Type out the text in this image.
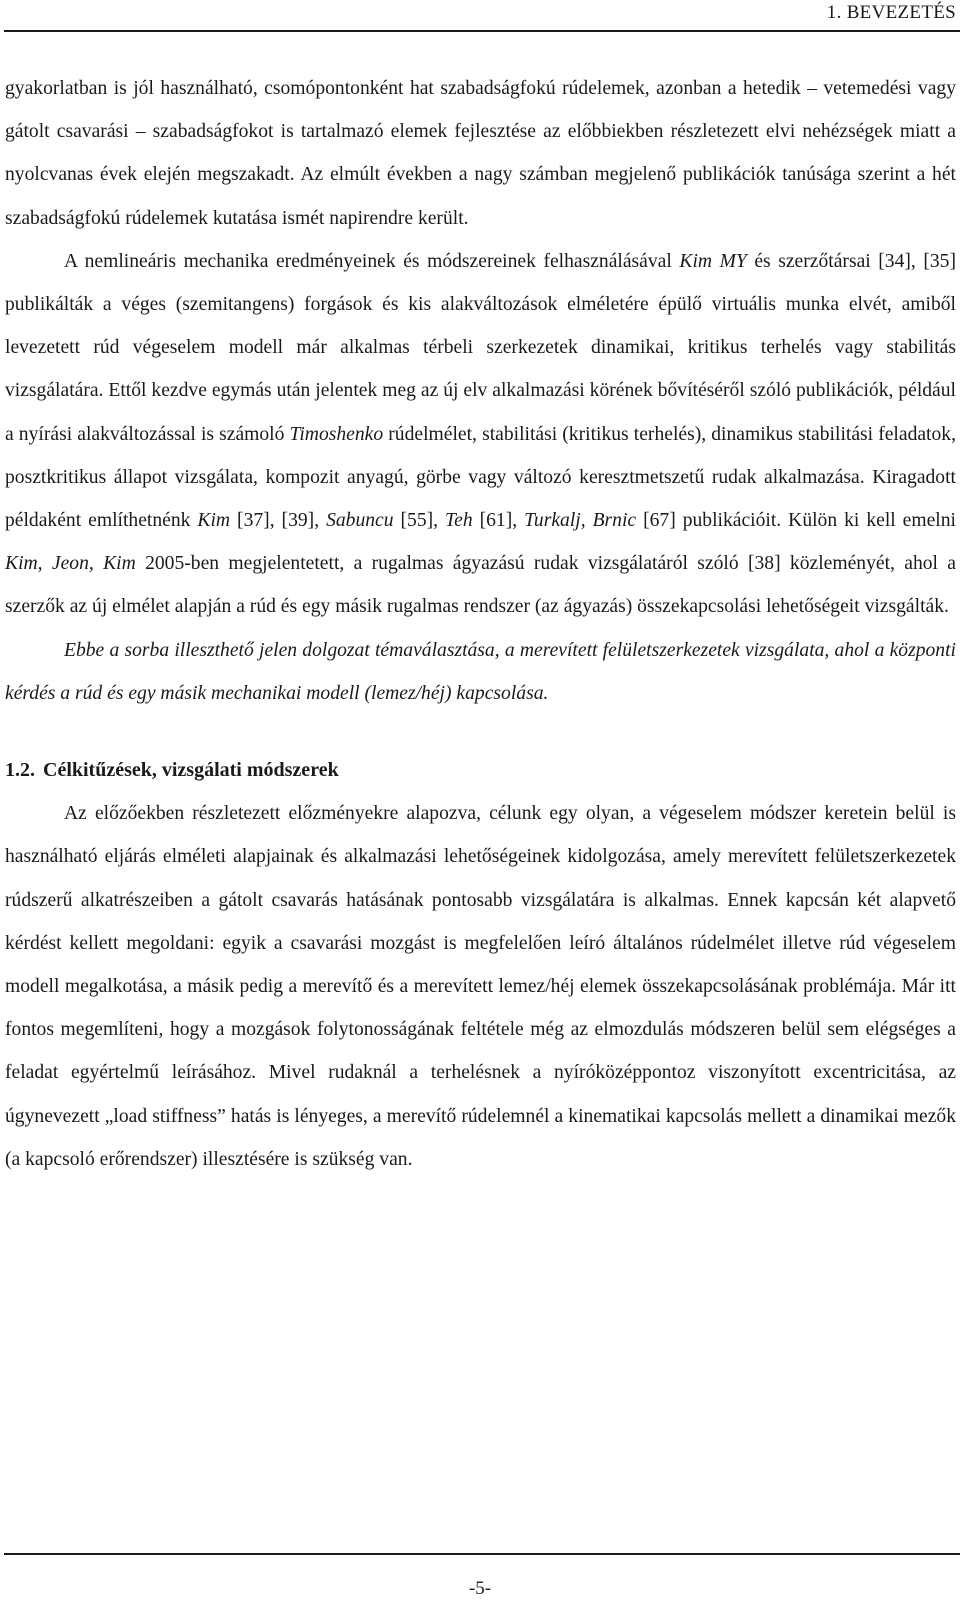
1. BEVEZETÉS

gyakorlatban is jól használható, csomópontonként hat szabadságfokú rúdelemek, azonban a hetedik – vetemedési vagy gátolt csavarási – szabadságfokot is tartalmazó elemek fejlesztése az előbbiekben részletezett elvi nehézségek miatt a nyolcvanas évek elején megszakadt. Az elmúlt években a nagy számban megjelenő publikációk tanúsága szerint a hét szabadságfokú rúdelemek kutatása ismét napirendre került.

A nemlineáris mechanika eredményeinek és módszereinek felhasználásával Kim MY és szerzőtársai [34], [35] publikálták a véges (szemitangens) forgások és kis alakváltozások elméletére épülő virtuális munka elvét, amiből levezetett rúd végeselem modell már alkalmas térbeli szerkezetek dinamikai, kritikus terhelés vagy stabilitás vizsgálatára. Ettől kezdve egymás után jelentek meg az új elv alkalmazási körének bővítéséről szóló publikációk, például a nyírási alakváltozással is számoló Timoshenko rúdelmélet, stabilitási (kritikus terhelés), dinamikus stabilitási feladatok, posztkritikus állapot vizsgálata, kompozit anyagú, görbe vagy változó keresztmetszetű rudak alkalmazása. Kiragadott példaként említhetnénk Kim [37], [39], Sabuncu [55], Teh [61], Turkalj, Brnic [67] publikációit. Külön ki kell emelni Kim, Jeon, Kim 2005-ben megjelentetett, a rugalmas ágyazású rudak vizsgálatáról szóló [38] közleményét, ahol a szerzők az új elmélet alapján a rúd és egy másik rugalmas rendszer (az ágyazás) összekapcsolási lehetőségeit vizsgálták.

Ebbe a sorba illeszthető jelen dolgozat témaválasztása, a merevített felületszerkezetek vizsgálata, ahol a központi kérdés a rúd és egy másik mechanikai modell (lemez/héj) kapcsolása.

1.2. Célkitűzések, vizsgálati módszerek

Az előzőekben részletezett előzményekre alapozva, célunk egy olyan, a végeselem módszer keretein belül is használható eljárás elméleti alapjainak és alkalmazási lehetőségeinek kidolgozása, amely merevített felületszerkezetek rúdszerű alkatrészeiben a gátolt csavarás hatásának pontosabb vizsgálatára is alkalmas. Ennek kapcsán két alapvető kérdést kellett megoldani: egyik a csavarási mozgást is megfelelően leíró általános rúdelmélet illetve rúd végeselem modell megalkotása, a másik pedig a merevítő és a merevített lemez/héj elemek összekapcsolásának problémája. Már itt fontos megemlíteni, hogy a mozgások folytonosságának feltétele még az elmozdulás módszeren belül sem elégséges a feladat egyértelmű leírásához. Mivel rudaknál a terhelésnek a nyíróközéppontoz viszonyított excentricitása, az úgynevezett „load stiffness” hatás is lényeges, a merevítő rúdelemnél a kinematikai kapcsolás mellett a dinamikai mezők (a kapcsoló erőrendszer) illesztésére is szükség van.

-5-
